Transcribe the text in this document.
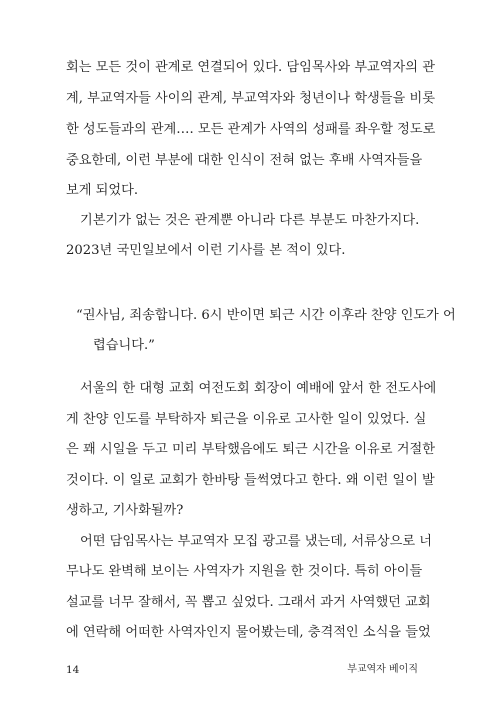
회는 모든 것이 관계로 연결되어 있다. 담임목사와 부교역자의 관
계, 부교역자들 사이의 관계, 부교역자와 청년이나 학생들을 비롯
한 성도들과의 관계…. 모든 관계가 사역의 성패를 좌우할 정도로
중요한데, 이런 부분에 대한 인식이 전혀 없는 후배 사역자들을
보게 되었다.
기본기가 없는 것은 관계뿐 아니라 다른 부분도 마찬가지다.
2023년 국민일보에서 이런 기사를 본 적이 있다.
“권사님, 죄송합니다. 6시 반이면 퇴근 시간 이후라 찬양 인도가 어
렵습니다.”
서울의 한 대형 교회 여전도회 회장이 예배에 앞서 한 전도사에
게 찬양 인도를 부탁하자 퇴근을 이유로 고사한 일이 있었다. 실
은 꽤 시일을 두고 미리 부탁했음에도 퇴근 시간을 이유로 거절한
것이다. 이 일로 교회가 한바탕 들썩였다고 한다. 왜 이런 일이 발
생하고, 기사화될까?
어떤 담임목사는 부교역자 모집 광고를 냈는데, 서류상으로 너
무나도 완벽해 보이는 사역자가 지원을 한 것이다. 특히 아이들
설교를 너무 잘해서, 꼭 뽑고 싶었다. 그래서 과거 사역했던 교회
에 연락해 어떠한 사역자인지 물어봤는데, 충격적인 소식을 들었
14	부교역자 베이직
